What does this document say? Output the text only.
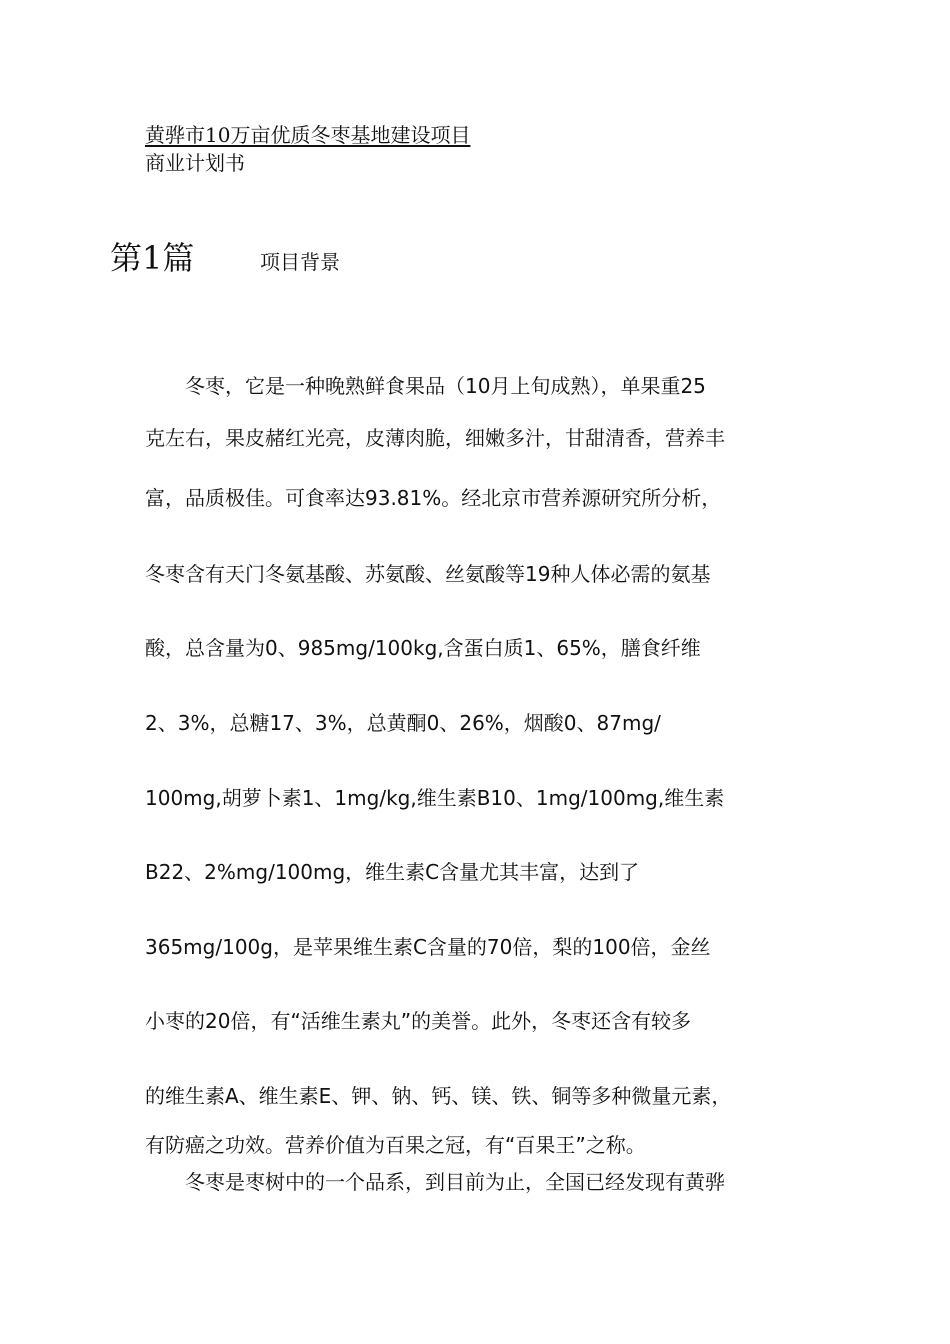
黄骅市10万亩优质冬枣基地建设项目
商业计划书
第1篇	项目背景
　　冬枣，它是一种晚熟鲜食果品（10月上旬成熟），单果重25
克左右，果皮赭红光亮，皮薄肉脆，细嫩多汁，甘甜清香，营养丰
富，品质极佳。可食率达93.81%。经北京市营养源研究所分析，
冬枣含有天门冬氨基酸、苏氨酸、丝氨酸等19种人体必需的氨基
酸，总含量为0、985mg/100kg,含蛋白质1、65%，膳食纤维
2、3%，总糖17、3%，总黄酮0、26%，烟酸0、87mg/
100mg,胡萝卜素1、1mg/kg,维生素B10、1mg/100mg,维生素
B22、2%mg/100mg，维生素C含量尤其丰富，达到了
365mg/100g，是苹果维生素C含量的70倍，梨的100倍，金丝
小枣的20倍，有“活维生素丸”的美誉。此外，冬枣还含有较多
的维生素A、维生素E、钾、钠、钙、镁、铁、铜等多种微量元素，
有防癌之功效。营养价值为百果之冠，有“百果王”之称。
　　冬枣是枣树中的一个品系，到目前为止，全国已经发现有黄骅
